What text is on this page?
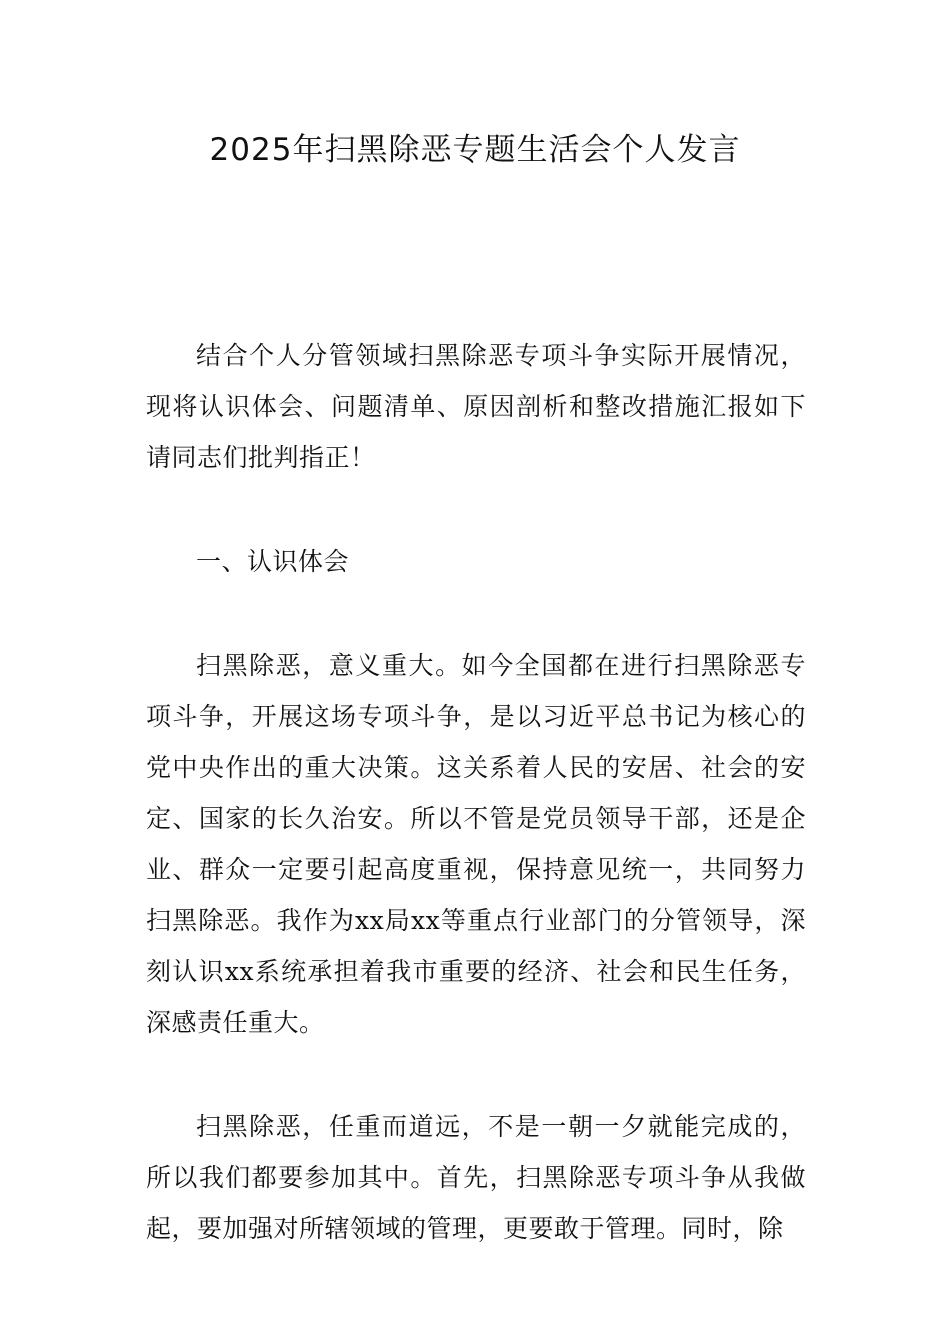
2025年扫黑除恶专题生活会个人发言

结合个人分管领域扫黑除恶专项斗争实际开展情况，现将认识体会、问题清单、原因剖析和整改措施汇报如下请同志们批判指正！

一、认识体会

扫黑除恶，意义重大。如今全国都在进行扫黑除恶专项斗争，开展这场专项斗争，是以习近平总书记为核心的党中央作出的重大决策。这关系着人民的安居、社会的安定、国家的长久治安。所以不管是党员领导干部，还是企业、群众一定要引起高度重视，保持意见统一，共同努力扫黑除恶。我作为xx局xx等重点行业部门的分管领导，深刻认识xx系统承担着我市重要的经济、社会和民生任务，深感责任重大。

扫黑除恶，任重而道远，不是一朝一夕就能完成的，所以我们都要参加其中。首先，扫黑除恶专项斗争从我做起，要加强对所辖领域的管理，更要敢于管理。同时，除
